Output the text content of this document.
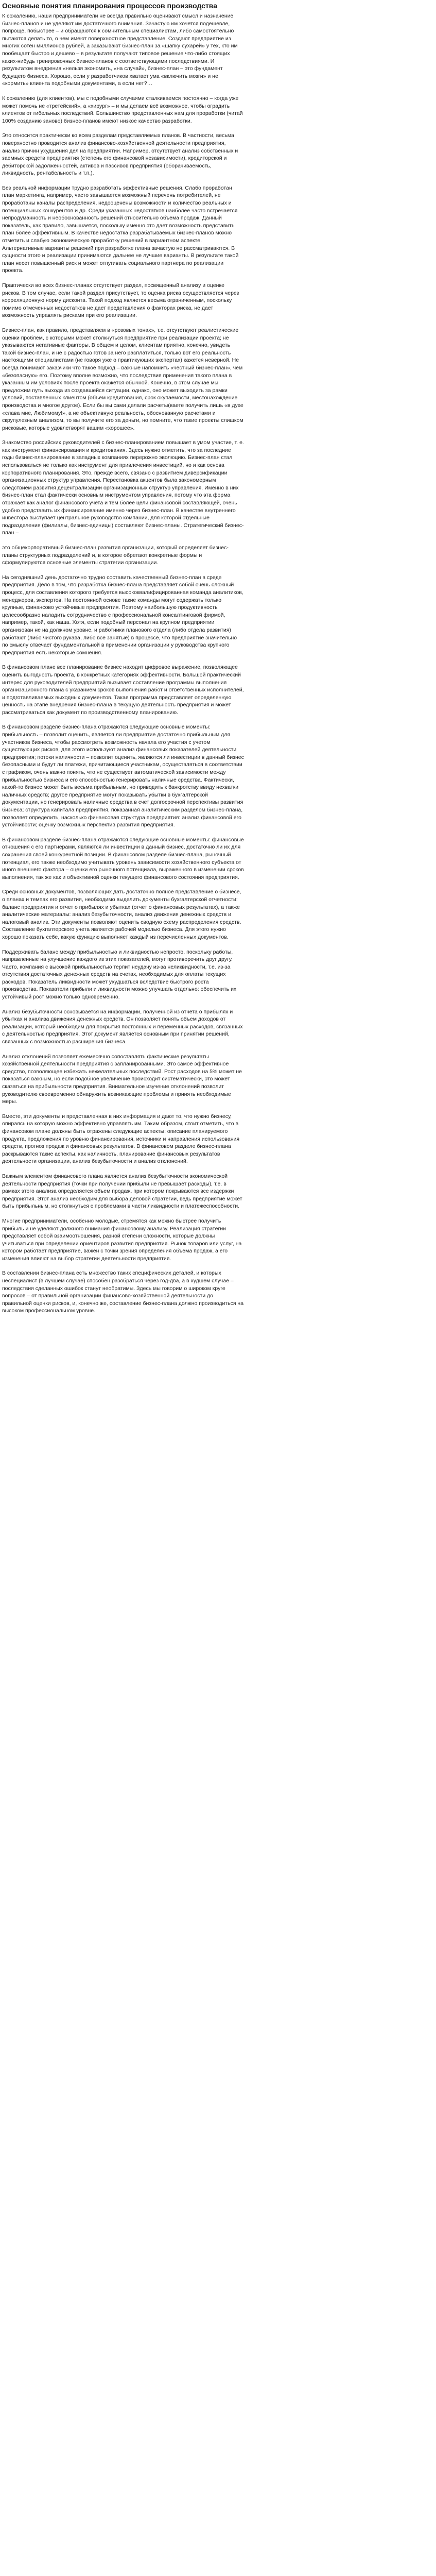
Основные понятия планирования процессов производства

К сожалению, наши предприниматели не всегда правильно оценивают смысл и назначение бизнес-планов и не уделяют им достаточного внимания. Зачастую им хочется подешевле, попроще, побыстрее – и обращаются к сомнительным специалистам, либо самостоятельно пытаются делать то, о чем имеют поверхностное представление. Создают предприятие из многих сотен миллионов рублей, а заказывают бизнес-план за «шапку сухарей» у тех, кто им пообещает быстро и дешево – в результате получают типовое решение что-либо стоящих каких-нибудь тренировочных бизнес-планов с соответствующими последствиями. И результатом внедрения «нельзя экономить, «на случай», бизнес-план – это фундамент будущего бизнеса. Хорошо, если у разработчиков хватает ума «включить мозги» и не «кормить» клиента подобными документами, а если нет?…

К сожалению (для клиентов), мы с подобными случаями сталкиваемся постоянно – когда уже может помочь не «третейский», а «хирург» – и мы делаем всё возможное, чтобы оградить клиентов от гибельных последствий. Большинство представленных нам для проработки (читай 100% созданию заново) бизнес-планов имеют низкое качество разработки.

Это относится практически ко всем разделам представляемых планов. В частности, весьма поверхностно проводится анализ финансово-хозяйственной деятельности предприятия, анализ причин ухудшения дел на предприятии. Например, отсутствует анализ собственных и заемных средств предприятия (степень его финансовой независимости), кредиторской и дебиторской задолженностей, активов и пассивов предприятия (оборачиваемость, ликвидность, рентабельность и т.п.).

Без реальной информации трудно разработать эффективные решения. Слабо проработан план маркетинга, например, часто завышается возможный перечень потребителей, не проработаны каналы распределения, недооценены возможности и количество реальных и потенциальных конкурентов и др. Среди указанных недостатков наиболее часто встречается непродуманность и необоснованность решений относительно объема продаж. Данный показатель, как правило, завышается, поскольку именно это дает возможность представить план более эффективным. В качестве недостатка разрабатываемых бизнес-планов можно отметить и слабую экономическую проработку решений в вариантном аспекте. Альтернативные варианты решений при разработке плана зачастую не рассматриваются. В сущности этого и реализации принимаются дальнее не лучшие варианты. В результате такой план несет повышенный риск и может отпугивать социального партнера по реализации проекта.

Практически во всех бизнес-планах отсутствует раздел, посвященный анализу и оценке рисков. В том случае, если такой раздел присутствует, то оценка риска осуществляется через корреляционную норму дисконта. Такой подход является весьма ограниченным, поскольку помимо отмеченных недостатков не дает представления о факторах риска, не дает возможность управлять рисками при его реализации.

Бизнес-план, как правило, представляем в «розовых тонах», т.е. отсутствуют реалистические оценки проблем, с которыми может столкнуться предприятие при реализации проекта; не указываются негативные факторы. В общем и целом, клиентам приятно, конечно, увидеть такой бизнес-план, и не с радостью готов за него расплатиться, только вот его реальность настоящими специалистами (не говоря уже о практикующих экспертах) кажется неверной. Не всегда понимают заказчики что такое подход – важные напомнить «честный бизнес-план», чем «безопасную» его. Поэтому вполне возможно, что последствия применения такого плана в указанным им условиях после проекта окажется обычной. Конечно, в этом случае мы предложим путь выхода из создавшейся ситуации, однако, оно может выходить за рамки условий, поставленных клиентом (объем кредитования, срок окупаемости, местонахождение производства и многое другое). Если бы вы сами делали расчеты(ваете получить лишь «в духе «слава мне, Любимому!», а не объективную реальность, обоснованную расчетами и скрупулезным анализом, то вы получите его за деньги, но помните, что такие проекты слишком рисковые, которые удовлетворят вашим «хорошее».

Знакомство российских руководителей с бизнес-планированием повышает в умом участие, т. е. как инструмент финансирования и кредитования. Здесь нужно отметить, что за последние годы бизнес-планирование в западных компаниях перерожно эволюцию. Бизнес-план стал использоваться не только как инструмент для привлечения инвестиций, но и как основа корпоративного планирования. Это, прежде всего, связано с развитием диверсификации организационных структур управления. Перестановка акцентов была закономерным следствием развития децентрализации организационных структур управления. Именно в них бизнес-план стал фактически основным инструментом управления, потому что эта форма отражает как аналог финансового учета и тем более цели финансовой составляющей, очень удобно представить их финансирование именно через бизнес-план. В качестве внутреннего инвестора выступает центральное руководство компании, для которой отдельные подразделения (филиалы, бизнес-единицы) составляют бизнес-планы. Стратегический бизнес-план –

это общекорпоративный бизнес-план развития организации, который определяет бизнес-планы структурных подразделений и, в которое обретают конкретные формы и сформулируются основные элементы стратегии организации.

На сегодняшний день достаточно трудно составить качественный бизнес-план в среде предприятия. Дело в том, что разработка бизнес-плана представляет собой очень сложный процесс, для составления которого требуется высококвалифицированная команда аналитиков, менеджеров, экспертов. На постоянной основе такие команды могут содержать только крупные, финансово устойчивые предприятия. Поэтому наибольшую продуктивность целесообразно наладить сотрудничество с профессиональной консалтинговой фирмой, например, такой, как наша. Хотя, если подобный персонал на крупном предприятии организован не на должном уровне, и работники планового отдела (либо отдела развития) работают (либо чистого рукава, либо все занятые) в процессе, что предприятие значительно по смыслу отвечает фундаментальной в применении организации у руководства крупного предприятия есть некоторые сомнения.

В финансовом плане все планирование бизнес находит цифровое выражение, позволяющее оценить выгодность проекта, в конкретных категориях эффективности. Большой практический интерес для руководителей предприятий вызывает составление программы выполнения организационного плана с указанием сроков выполнения работ и ответственных исполнителей, и подготавливаемых выходных документов. Такая программа представляет определенную ценность на этапе внедрения бизнес-плана в текущую деятельность предприятия и может рассматриваться как документ по производственному планированию.

В финансовом разделе бизнес-плана отражаются следующие основные моменты: прибыльность – позволит оценить, является ли предприятие достаточно прибыльным для участников бизнеса, чтобы рассмотреть возможность начала его участия с учетом существующих рисков, для этого используют анализ финансовых показателей деятельности предприятия; потоки наличности – позволит оценить, являются ли инвестиции в данный бизнес безопасными и будут ли платежи, причитающиеся участникам, осуществляться в соответствии с графиком, очень важно понять, что не существует автоматической зависимости между прибыльностью бизнеса и его способностью генерировать наличные средства. Фактически, какой-то бизнес может быть весьма прибыльным, но приводить к банкротству ввиду нехватки наличных средств; другое предприятие могут показывать убытки в бухгалтерской документации, но генерировать наличные средства в счет долгосрочной перспективы развития бизнеса; структура капитала предприятия, показанная аналитическим разделом бизнес-плана, позволяет определить, насколько финансовая структура предприятия: анализ финансовой его устойчивости; оценку возможных перспектив развития предприятия.

В финансовом разделе бизнес-плана отражаются следующие основные моменты: финансовые отношения с его партнерами, являются ли инвестиции в данный бизнес, достаточно ли их для сохранения своей конкурентной позиции. В финансовом разделе бизнес-плана, рыночный потенциал, его также необходимо учитывать уровень зависимости хозяйственного субъекта от иного внешнего фактора – оценки его рыночного потенциала, выраженного в изменении сроков выполнения, так же как и объективной оценки текущего финансового состояния предприятия.

Среди основных документов, позволяющих дать достаточно полное представление о бизнесе, о планах и темпах его развития, необходимо выделить документы бухгалтерской отчетности: баланс предприятия и отчет о прибылях и убытках (отчет о финансовых результатах), а также аналитические материалы: анализ безубыточности, анализ движения денежных средств и налоговый анализ. Эти документы позволяют оценить сводную схему распределения средств. Составление бухгалтерского учета является рабочей моделью бизнеса. Для этого нужно хорошо показать себе, какую функцию выполняет каждый из перечисленных документов.

Поддерживать баланс между прибыльностью и ликвидностью непросто, поскольку работы, направленные на улучшение каждого из этих показателей, могут противоречить друг другу. Часто, компания с высокой прибыльностью терпит неудачу из-за неликвидности, т.е. из-за отсутствия достаточных денежных средств на счетах, необходимых для оплаты текущих расходов. Показатель ликвидности может ухудшаться вследствие быстрого роста производства. Показатели прибыли и ликвидности можно улучшать отдельно: обеспечить их устойчивый рост можно только одновременно.

Анализ безубыточности основывается на информации, полученной из отчета о прибылях и убытках и анализа движения денежных средств. Он позволяет понять объем доходов от реализации, который необходим для покрытия постоянных и переменных расходов, связанных с деятельностью предприятия. Этот документ является основным при принятии решений, связанных с возможностью расширения бизнеса.

Анализ отклонений позволяет ежемесячно сопоставлять фактические результаты хозяйственной деятельности предприятия с запланированными. Это самое эффективное средство, позволяющее избежать нежелательных последствий. Рост расходов на 5% может не показаться важным, но если подобное увеличение происходит систематически, это может сказаться на прибыльности предприятия. Внимательное изучение отклонений позволит руководителю своевременно обнаружить возникающие проблемы и принять необходимые меры.

Вместе, эти документы и представленная в них информация и дают то, что нужно бизнесу, опираясь на которую можно эффективно управлять им. Таким образом, стоит отметить, что в финансовом плане должны быть отражены следующие аспекты: описание планируемого продукта, предложения по уровню финансирования, источники и направления использования средств, прогноз продаж и финансовых результатов. В финансовом разделе бизнес-плана раскрываются такие аспекты, как наличность, планирование финансовых результатов деятельности организации, анализ безубыточности и анализ отклонений.

Важным элементом финансового плана является анализ безубыточности экономической деятельности предприятия (точки при получении прибыли не превышает расходы), т.е. в рамках этого анализа определяется объем продаж, при котором покрываются все издержки предприятия. Этот анализ необходим для выбора деловой стратегии, ведь предприятие может быть прибыльным, но столкнуться с проблемами в части ликвидности и платежеспособности.

Многие предприниматели, особенно молодые, стремятся как можно быстрее получить прибыль и не уделяют должного внимания финансовому анализу. Реализация стратегии представляет собой взаимоотношения, разной степени сложности, которые должны учитываться при определении ориентиров развития предприятия. Рынок товаров или услуг, на котором работает предприятие, важен с точки зрения определения объема продаж, а его изменения влияют на выбор стратегии деятельности предприятия.

В составлении бизнес-плана есть множество таких специфических деталей, и которых неспециалист (в лучшем случае) способен разобраться через год-два, а в худшем случае – последствия сделанных ошибок станут необратимы. Здесь мы говорим о широком круге вопросов – от правильной организации финансово-хозяйственной деятельности до правильной оценки рисков, и, конечно же, составление бизнес-плана должно производиться на высоком профессиональном уровне.
